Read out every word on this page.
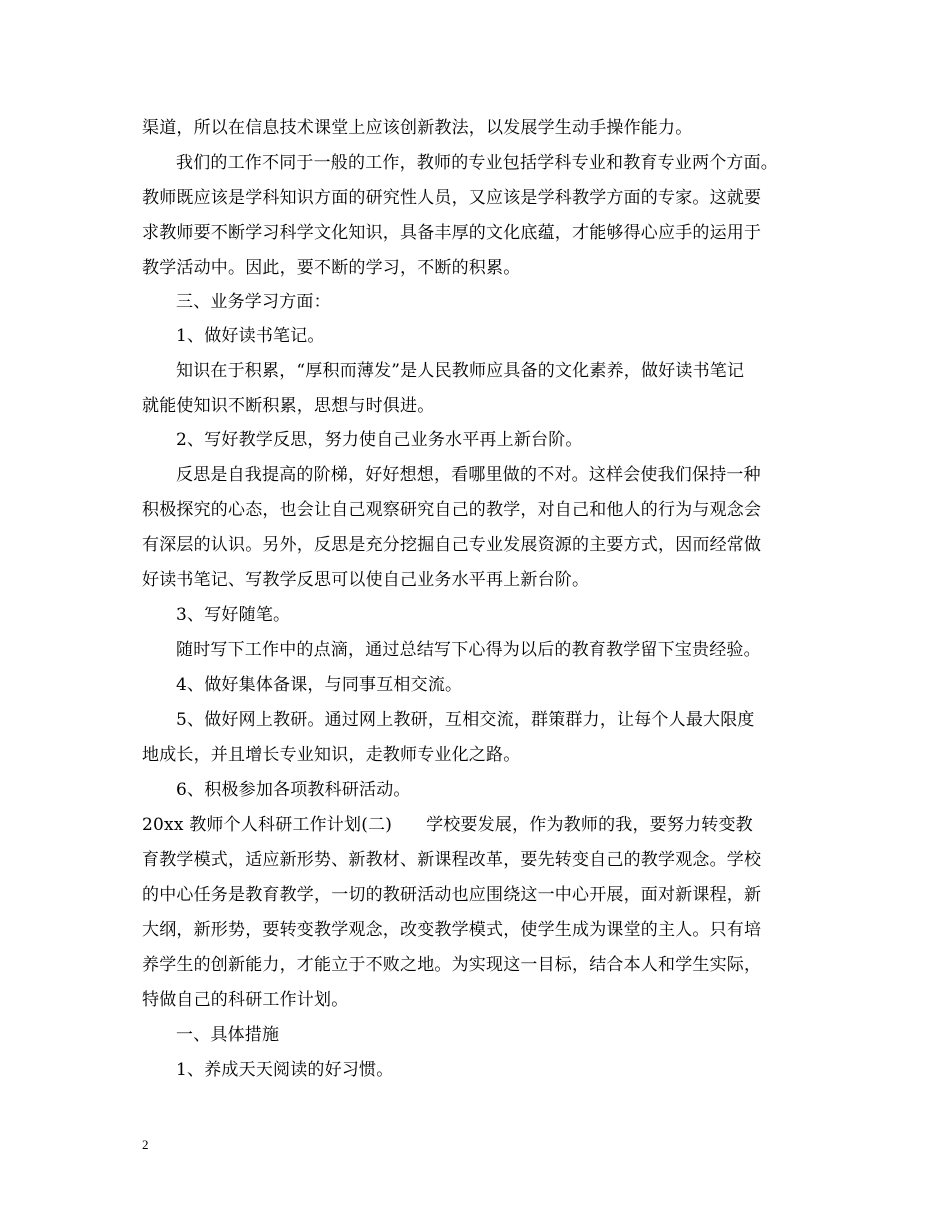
渠道，所以在信息技术课堂上应该创新教法，以发展学生动手操作能力。
我们的工作不同于一般的工作，教师的专业包括学科专业和教育专业两个方面。
教师既应该是学科知识方面的研究性人员，又应该是学科教学方面的专家。这就要
求教师要不断学习科学文化知识，具备丰厚的文化底蕴，才能够得心应手的运用于
教学活动中。因此，要不断的学习，不断的积累。
三、业务学习方面：
1、做好读书笔记。
知识在于积累，“厚积而薄发”是人民教师应具备的文化素养，做好读书笔记
就能使知识不断积累，思想与时俱进。
2、写好教学反思，努力使自己业务水平再上新台阶。
反思是自我提高的阶梯，好好想想，看哪里做的不对。这样会使我们保持一种
积极探究的心态，也会让自己观察研究自己的教学，对自己和他人的行为与观念会
有深层的认识。另外，反思是充分挖掘自己专业发展资源的主要方式，因而经常做
好读书笔记、写教学反思可以使自己业务水平再上新台阶。
3、写好随笔。
随时写下工作中的点滴，通过总结写下心得为以后的教育教学留下宝贵经验。
4、做好集体备课，与同事互相交流。
5、做好网上教研。通过网上教研，互相交流，群策群力，让每个人最大限度
地成长，并且增长专业知识，走教师专业化之路。
6、积极参加各项教科研活动。
20xx 教师个人科研工作计划(二) 学校要发展，作为教师的我，要努力转变教
育教学模式，适应新形势、新教材、新课程改革，要先转变自己的教学观念。学校
的中心任务是教育教学，一切的教研活动也应围绕这一中心开展，面对新课程，新
大纲，新形势，要转变教学观念，改变教学模式，使学生成为课堂的主人。只有培
养学生的创新能力，才能立于不败之地。为实现这一目标，结合本人和学生实际，
特做自己的科研工作计划。
一、具体措施
1、养成天天阅读的好习惯。
2
